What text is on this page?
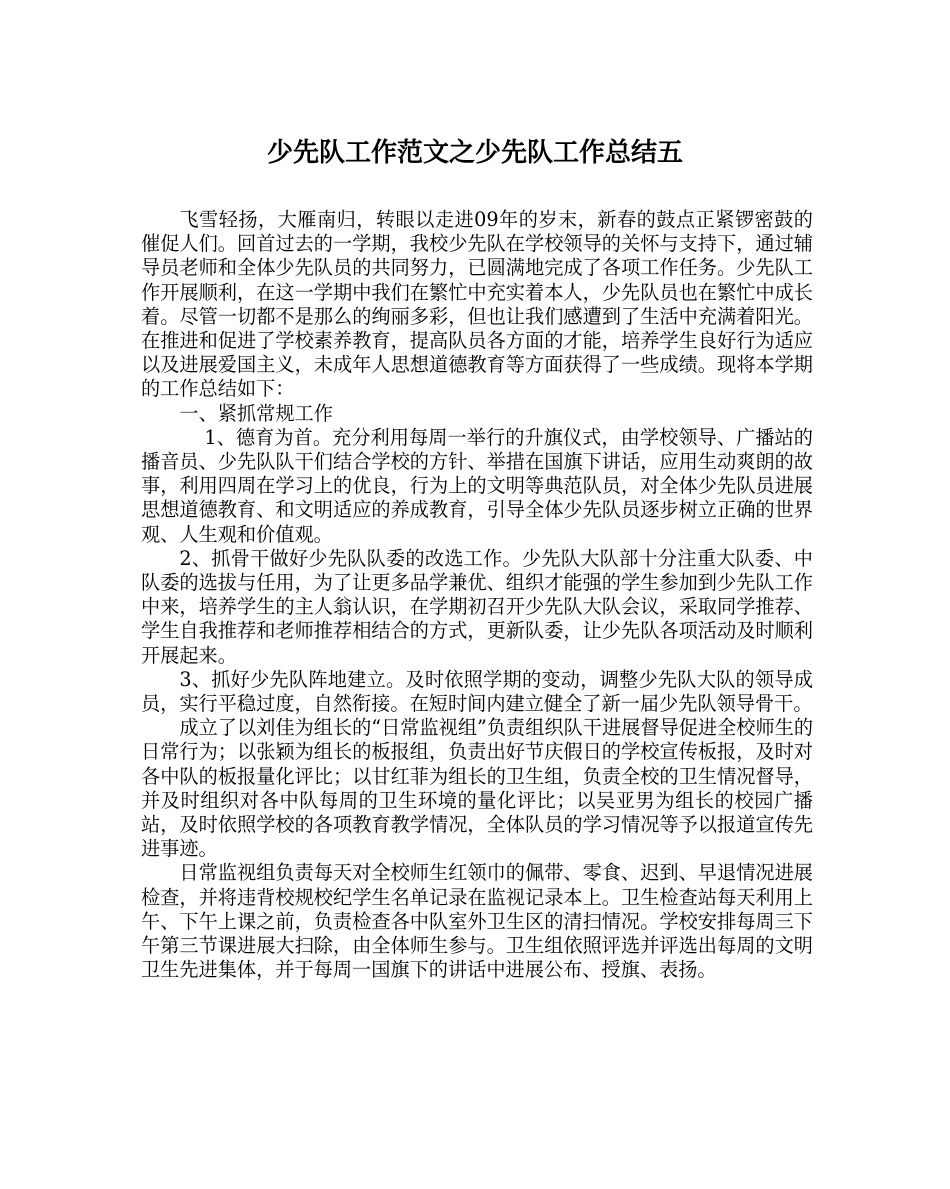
少先队工作范文之少先队工作总结五

飞雪轻扬，大雁南归，转眼以走进09年的岁末，新春的鼓点正紧锣密鼓的催促人们。回首过去的一学期，我校少先队在学校领导的关怀与支持下，通过辅导员老师和全体少先队员的共同努力，已圆满地完成了各项工作任务。少先队工作开展顺利，在这一学期中我们在繁忙中充实着本人，少先队员也在繁忙中成长着。尽管一切都不是那么的绚丽多彩，但也让我们感遭到了生活中充满着阳光。在推进和促进了学校素养教育，提高队员各方面的才能，培养学生良好行为适应以及进展爱国主义，未成年人思想道德教育等方面获得了一些成绩。现将本学期的工作总结如下：

一、紧抓常规工作

1、德育为首。充分利用每周一举行的升旗仪式，由学校领导、广播站的播音员、少先队队干们结合学校的方针、举措在国旗下讲话，应用生动爽朗的故事，利用四周在学习上的优良，行为上的文明等典范队员，对全体少先队员进展思想道德教育、和文明适应的养成教育，引导全体少先队员逐步树立正确的世界观、人生观和价值观。

2、抓骨干做好少先队队委的改选工作。少先队大队部十分注重大队委、中队委的选拔与任用，为了让更多品学兼优、组织才能强的学生参加到少先队工作中来，培养学生的主人翁认识，在学期初召开少先队大队会议，采取同学推荐、学生自我推荐和老师推荐相结合的方式，更新队委，让少先队各项活动及时顺利开展起来。

3、抓好少先队阵地建立。及时依照学期的变动，调整少先队大队的领导成员，实行平稳过度，自然衔接。在短时间内建立健全了新一届少先队领导骨干。

成立了以刘佳为组长的“日常监视组”负责组织队干进展督导促进全校师生的日常行为；以张颖为组长的板报组，负责出好节庆假日的学校宣传板报，及时对各中队的板报量化评比；以甘红菲为组长的卫生组，负责全校的卫生情况督导，并及时组织对各中队每周的卫生环境的量化评比；以吴亚男为组长的校园广播站，及时依照学校的各项教育教学情况，全体队员的学习情况等予以报道宣传先进事迹。

日常监视组负责每天对全校师生红领巾的佩带、零食、迟到、早退情况进展检查，并将违背校规校纪学生名单记录在监视记录本上。卫生检查站每天利用上午、下午上课之前，负责检查各中队室外卫生区的清扫情况。学校安排每周三下午第三节课进展大扫除，由全体师生参与。卫生组依照评选并评选出每周的文明卫生先进集体，并于每周一国旗下的讲话中进展公布、授旗、表扬。
